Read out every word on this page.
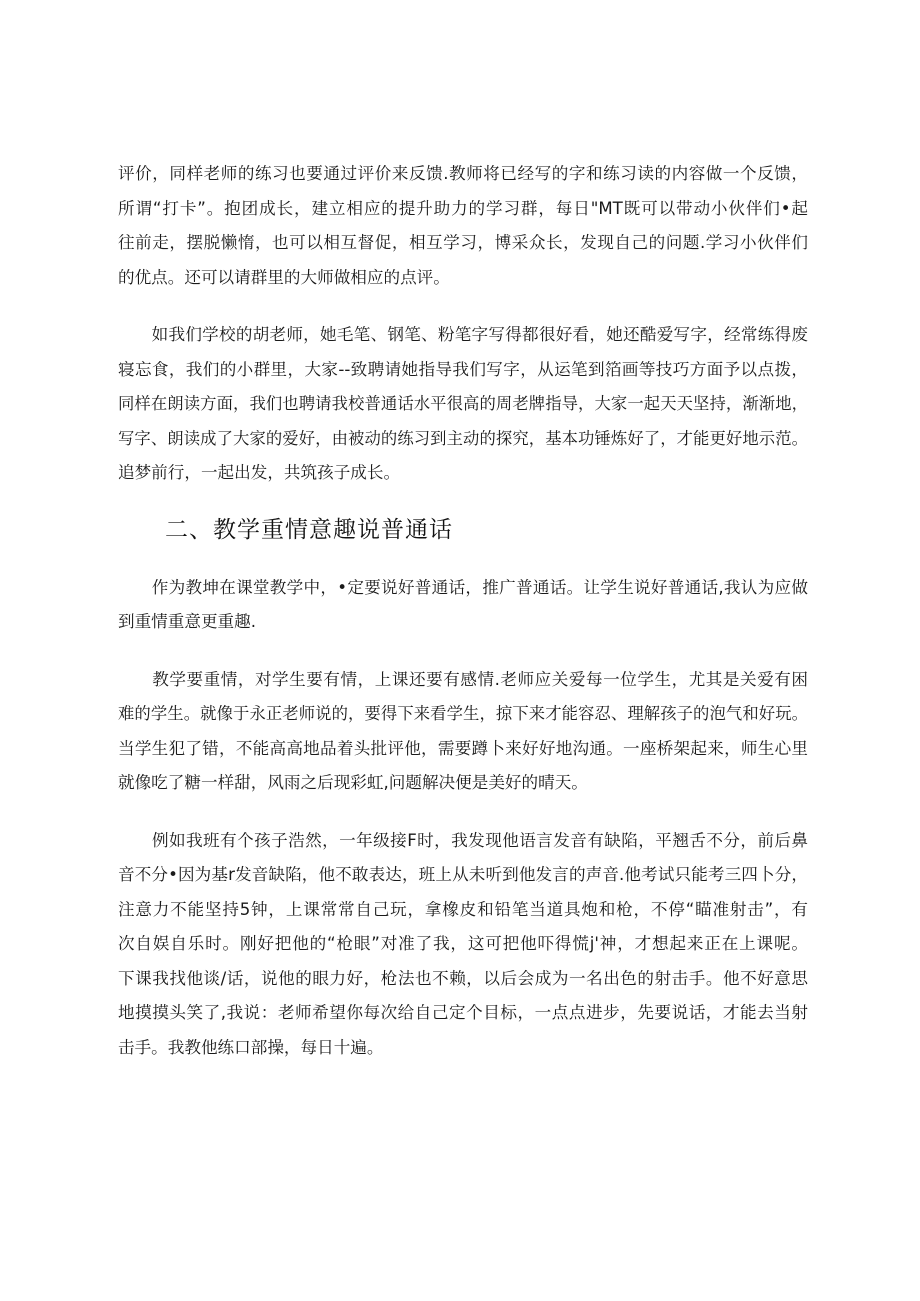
评价，同样老师的练习也要通过评价来反馈.教师将已经写的字和练习读的内容做一个反馈，
所谓“打卡”。抱团成长，建立相应的提升助力的学习群，每日"MT既可以带动小伙伴们•起
往前走，摆脱懒惰，也可以相互督促，相互学习，博采众长，发现自己的问题.学习小伙伴们
的优点。还可以请群里的大师做相应的点评。
　　如我们学校的胡老师，她毛笔、钢笔、粉笔字写得都很好看，她还酷爱写字，经常练得废
寝忘食，我们的小群里，大家--致聘请她指导我们写字，从运笔到箔画等技巧方面予以点拨，
同样在朗读方面，我们也聘请我校普通话水平很高的周老牌指导，大家一起天天坚持，渐渐地，
写字、朗读成了大家的爱好，由被动的练习到主动的探究，基本功锤炼好了，才能更好地示范。
追梦前行，一起出发，共筑孩子成长。
二、教学重情意趣说普通话
　　作为教坤在课堂教学中，•定要说好普通话，推广普通话。让学生说好普通话,我认为应做
到重情重意更重趣.
　　教学要重情，对学生要有情，上课还要有感情.老师应关爱每一位学生，尤其是关爱有困
难的学生。就像于永正老师说的，要得下来看学生，掠下来才能容忍、理解孩子的泡气和好玩。
当学生犯了错，不能高高地品着头批评他，需要蹲卜来好好地沟通。一座桥架起来，师生心里
就像吃了糖一样甜，风雨之后现彩虹,问题解决便是美好的晴天。
　　例如我班有个孩子浩然，一年级接F时，我发现他语言发音有缺陷，平翘舌不分，前后鼻
音不分•因为基r发音缺陷，他不敢表达，班上从未听到他发言的声音.他考试只能考三四卜分，
注意力不能坚持5钟，上课常常自己玩，拿橡皮和铅笔当道具炮和枪，不停“瞄准射击”，有
次自娱自乐时。刚好把他的“枪眼”对准了我，这可把他吓得慌j'神，才想起来正在上课呢。
下课我找他谈/话，说他的眼力好，枪法也不赖，以后会成为一名出色的射击手。他不好意思
地摸摸头笑了,我说：老师希望你每次给自己定个目标，一点点进步，先要说话，才能去当射
击手。我教他练口部操，每日十遍。
